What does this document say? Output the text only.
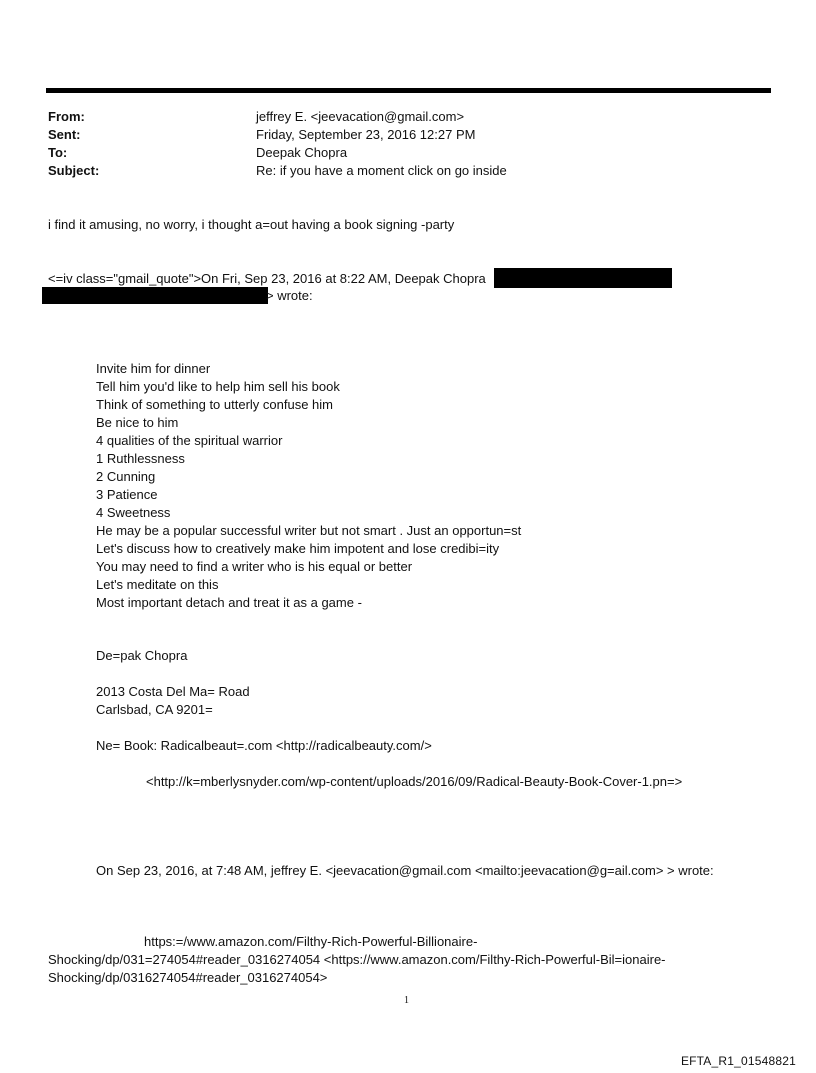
From:	jeffrey E. <jeevacation@gmail.com>
Sent:	Friday, September 23, 2016 12:27 PM
To:	Deepak Chopra
Subject:	Re: if you have a moment click on go inside
i find it amusing, no worry, i thought a=out having a book signing -party
<=iv class="gmail_quote">On Fri, Sep 23, 2016 at 8:22 AM, Deepak Chopra
> wrote:
Invite him for dinner
Tell him you'd like to help him sell his book
Think of something to utterly confuse him
Be nice to him
4 qualities of the spiritual warrior
1 Ruthlessness
2 Cunning
3 Patience
4 Sweetness
He may be a popular successful writer but not smart . Just an opportun=st
Let's discuss how to creatively make him impotent and lose credibi=ity
You may need to find a writer who is his equal or better
Let's meditate on this
Most important detach and treat it as a game -
De=pak Chopra
2013 Costa Del Ma= Road
Carlsbad, CA 9201=
Ne= Book: Radicalbeaut=.com <http://radicalbeauty.com/>
<http://k=mberlysnyder.com/wp-content/uploads/2016/09/Radical-Beauty-Book-Cover-1.pn=>
On Sep 23, 2016, at 7:48 AM, jeffrey E. <jeevacation@gmail.com <mailto:jeevacation@g=ail.com> > wrote:
https:=/www.amazon.com/Filthy-Rich-Powerful-Billionaire-
Shocking/dp/031=274054#reader_0316274054 <https://www.amazon.com/Filthy-Rich-Powerful-Bil=ionaire-
Shocking/dp/0316274054#reader_0316274054>
1
EFTA_R1_01548821
